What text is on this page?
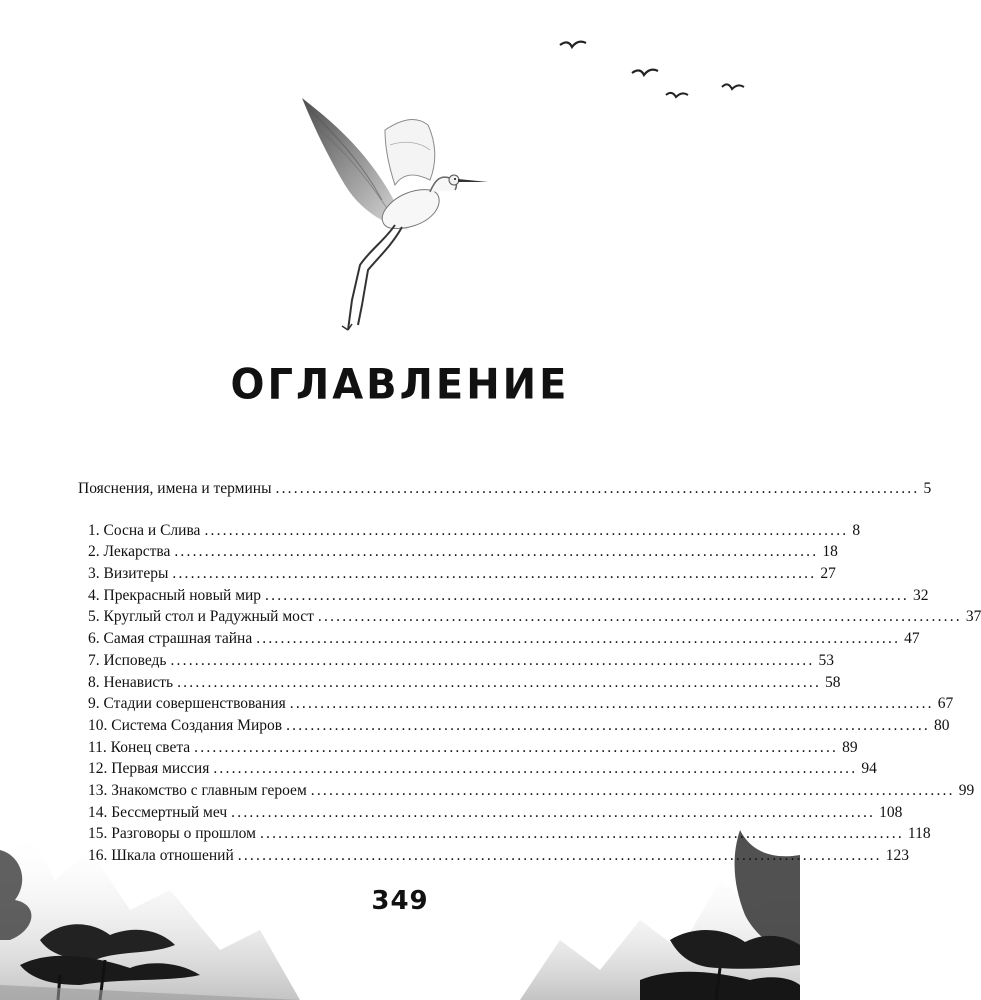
ОГЛАВЛЕНИЕ
Пояснения, имена и термины .......................................................................................................... 5
1. Сосна и Слива .......................................................................................................... 8
2. Лекарства .......................................................................................................... 18
3. Визитеры .......................................................................................................... 27
4. Прекрасный новый мир .......................................................................................................... 32
5. Круглый стол и Радужный мост .......................................................................................................... 37
6. Самая страшная тайна .......................................................................................................... 47
7. Исповедь .......................................................................................................... 53
8. Ненависть .......................................................................................................... 58
9. Стадии совершенствования .......................................................................................................... 67
10. Система Создания Миров .......................................................................................................... 80
11. Конец света .......................................................................................................... 89
12. Первая миссия .......................................................................................................... 94
13. Знакомство с главным героем .......................................................................................................... 99
14. Бессмертный меч .......................................................................................................... 108
15. Разговоры о прошлом .......................................................................................................... 118
16. Шкала отношений .......................................................................................................... 123
349
